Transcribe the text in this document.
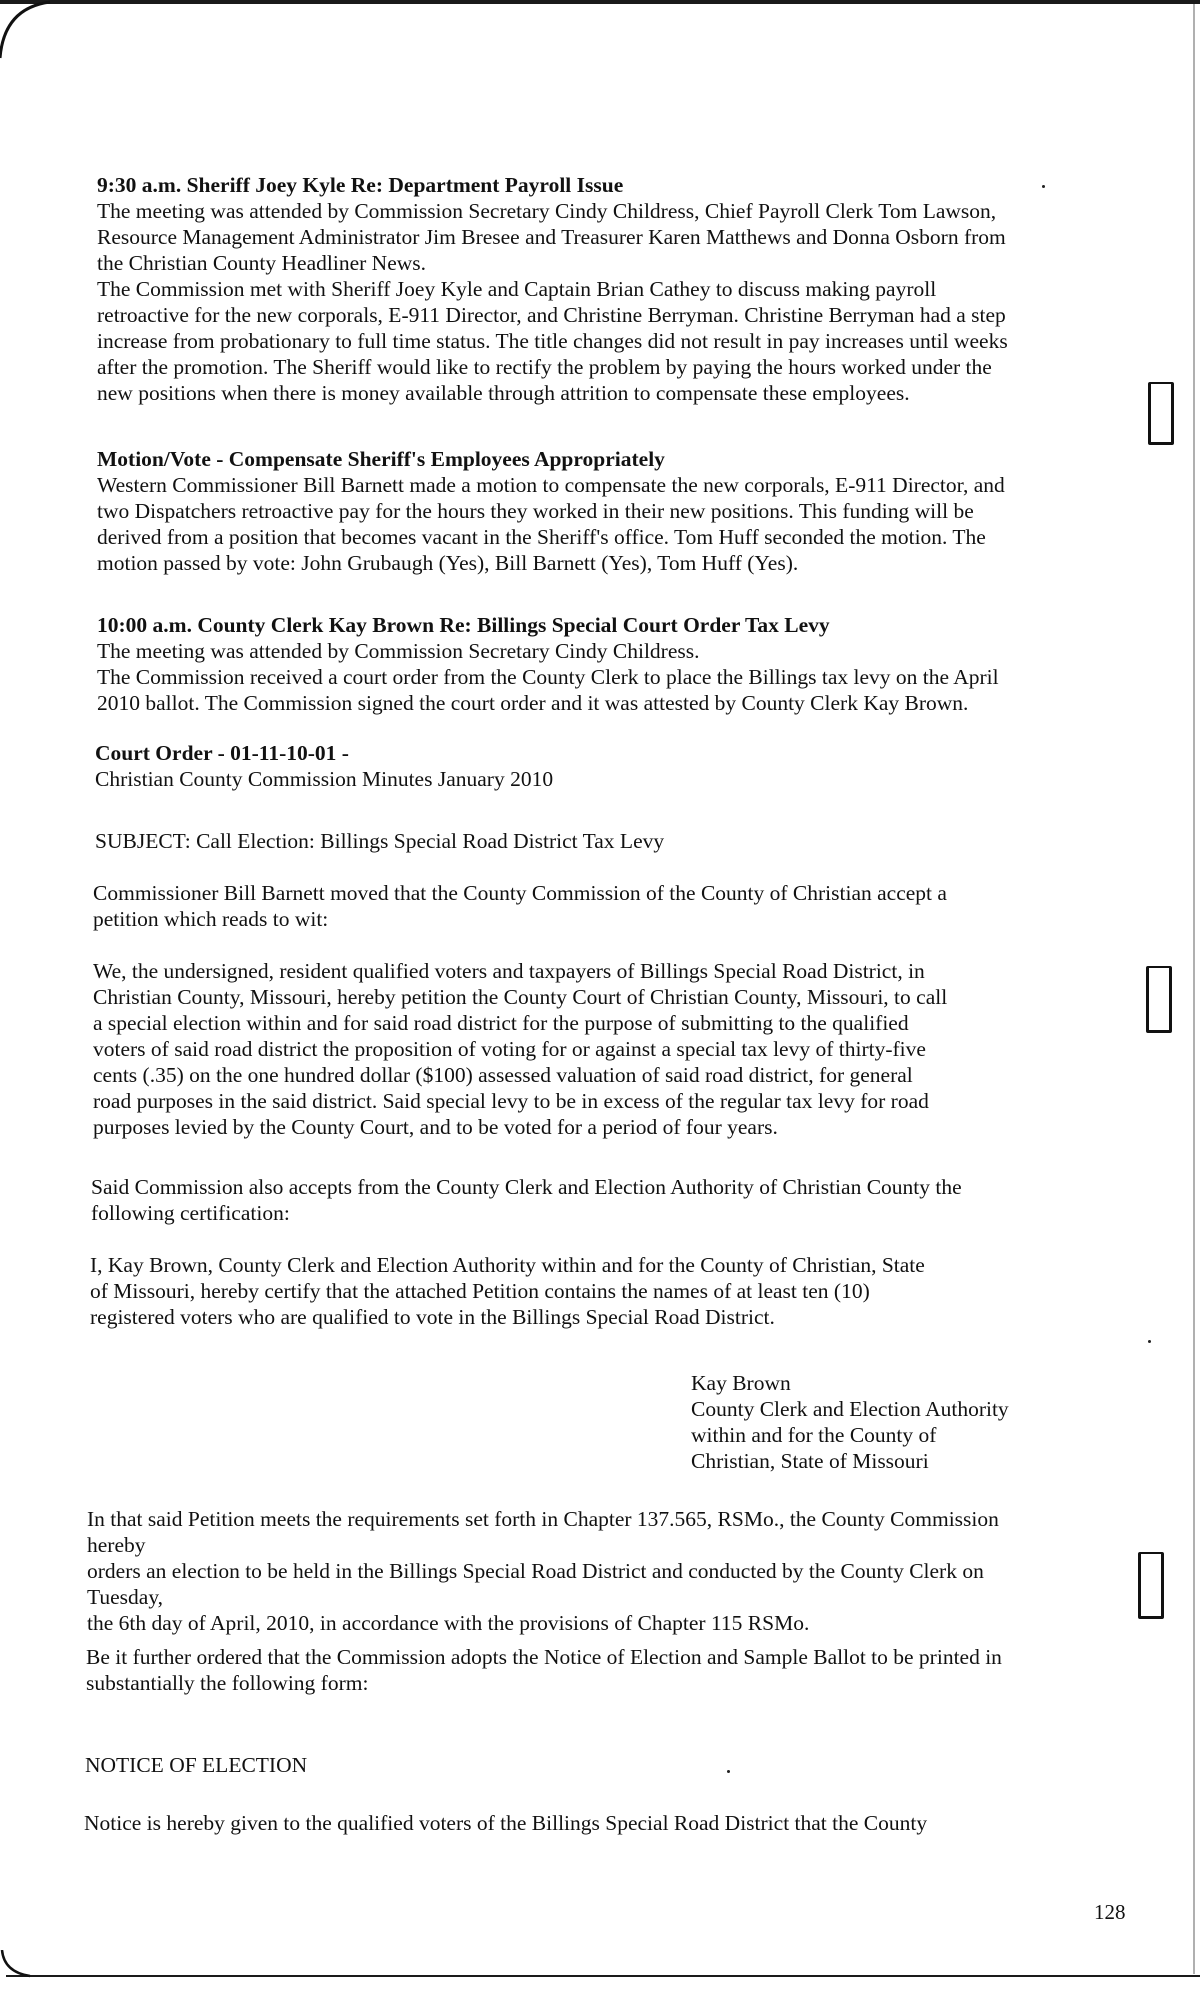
9:30 a.m. Sheriff Joey Kyle Re: Department Payroll Issue
The meeting was attended by Commission Secretary Cindy Childress, Chief Payroll Clerk Tom Lawson,
Resource Management Administrator Jim Bresee and Treasurer Karen Matthews and Donna Osborn from
the Christian County Headliner News.
The Commission met with Sheriff Joey Kyle and Captain Brian Cathey to discuss making payroll
retroactive for the new corporals, E-911 Director, and Christine Berryman. Christine Berryman had a step
increase from probationary to full time status. The title changes did not result in pay increases until weeks
after the promotion. The Sheriff would like to rectify the problem by paying the hours worked under the
new positions when there is money available through attrition to compensate these employees.
Motion/Vote - Compensate Sheriff's Employees Appropriately
Western Commissioner Bill Barnett made a motion to compensate the new corporals, E-911 Director, and
two Dispatchers retroactive pay for the hours they worked in their new positions. This funding will be
derived from a position that becomes vacant in the Sheriff's office. Tom Huff seconded the motion. The
motion passed by vote: John Grubaugh (Yes), Bill Barnett (Yes), Tom Huff (Yes).
10:00 a.m. County Clerk Kay Brown Re: Billings Special Court Order Tax Levy
The meeting was attended by Commission Secretary Cindy Childress.
The Commission received a court order from the County Clerk to place the Billings tax levy on the April
2010 ballot. The Commission signed the court order and it was attested by County Clerk Kay Brown.
Court Order - 01-11-10-01 -
Christian County Commission Minutes January 2010
SUBJECT: Call Election: Billings Special Road District Tax Levy
Commissioner Bill Barnett moved that the County Commission of the County of Christian accept a
petition which reads to wit:
We, the undersigned, resident qualified voters and taxpayers of Billings Special Road District, in
Christian County, Missouri, hereby petition the County Court of Christian County, Missouri, to call
a special election within and for said road district for the purpose of submitting to the qualified
voters of said road district the proposition of voting for or against a special tax levy of thirty-five
cents (.35) on the one hundred dollar ($100) assessed valuation of said road district, for general
road purposes in the said district. Said special levy to be in excess of the regular tax levy for road
purposes levied by the County Court, and to be voted for a period of four years.
Said Commission also accepts from the County Clerk and Election Authority of Christian County the
following certification:
I, Kay Brown, County Clerk and Election Authority within and for the County of Christian, State
of Missouri, hereby certify that the attached Petition contains the names of at least ten (10)
registered voters who are qualified to vote in the Billings Special Road District.
Kay Brown
County Clerk and Election Authority
within and for the County of
Christian, State of Missouri
In that said Petition meets the requirements set forth in Chapter 137.565, RSMo., the County Commission
hereby
orders an election to be held in the Billings Special Road District and conducted by the County Clerk on
Tuesday,
the 6th day of April, 2010, in accordance with the provisions of Chapter 115 RSMo.
Be it further ordered that the Commission adopts the Notice of Election and Sample Ballot to be printed in
substantially the following form:
NOTICE OF ELECTION
Notice is hereby given to the qualified voters of the Billings Special Road District that the County
128
